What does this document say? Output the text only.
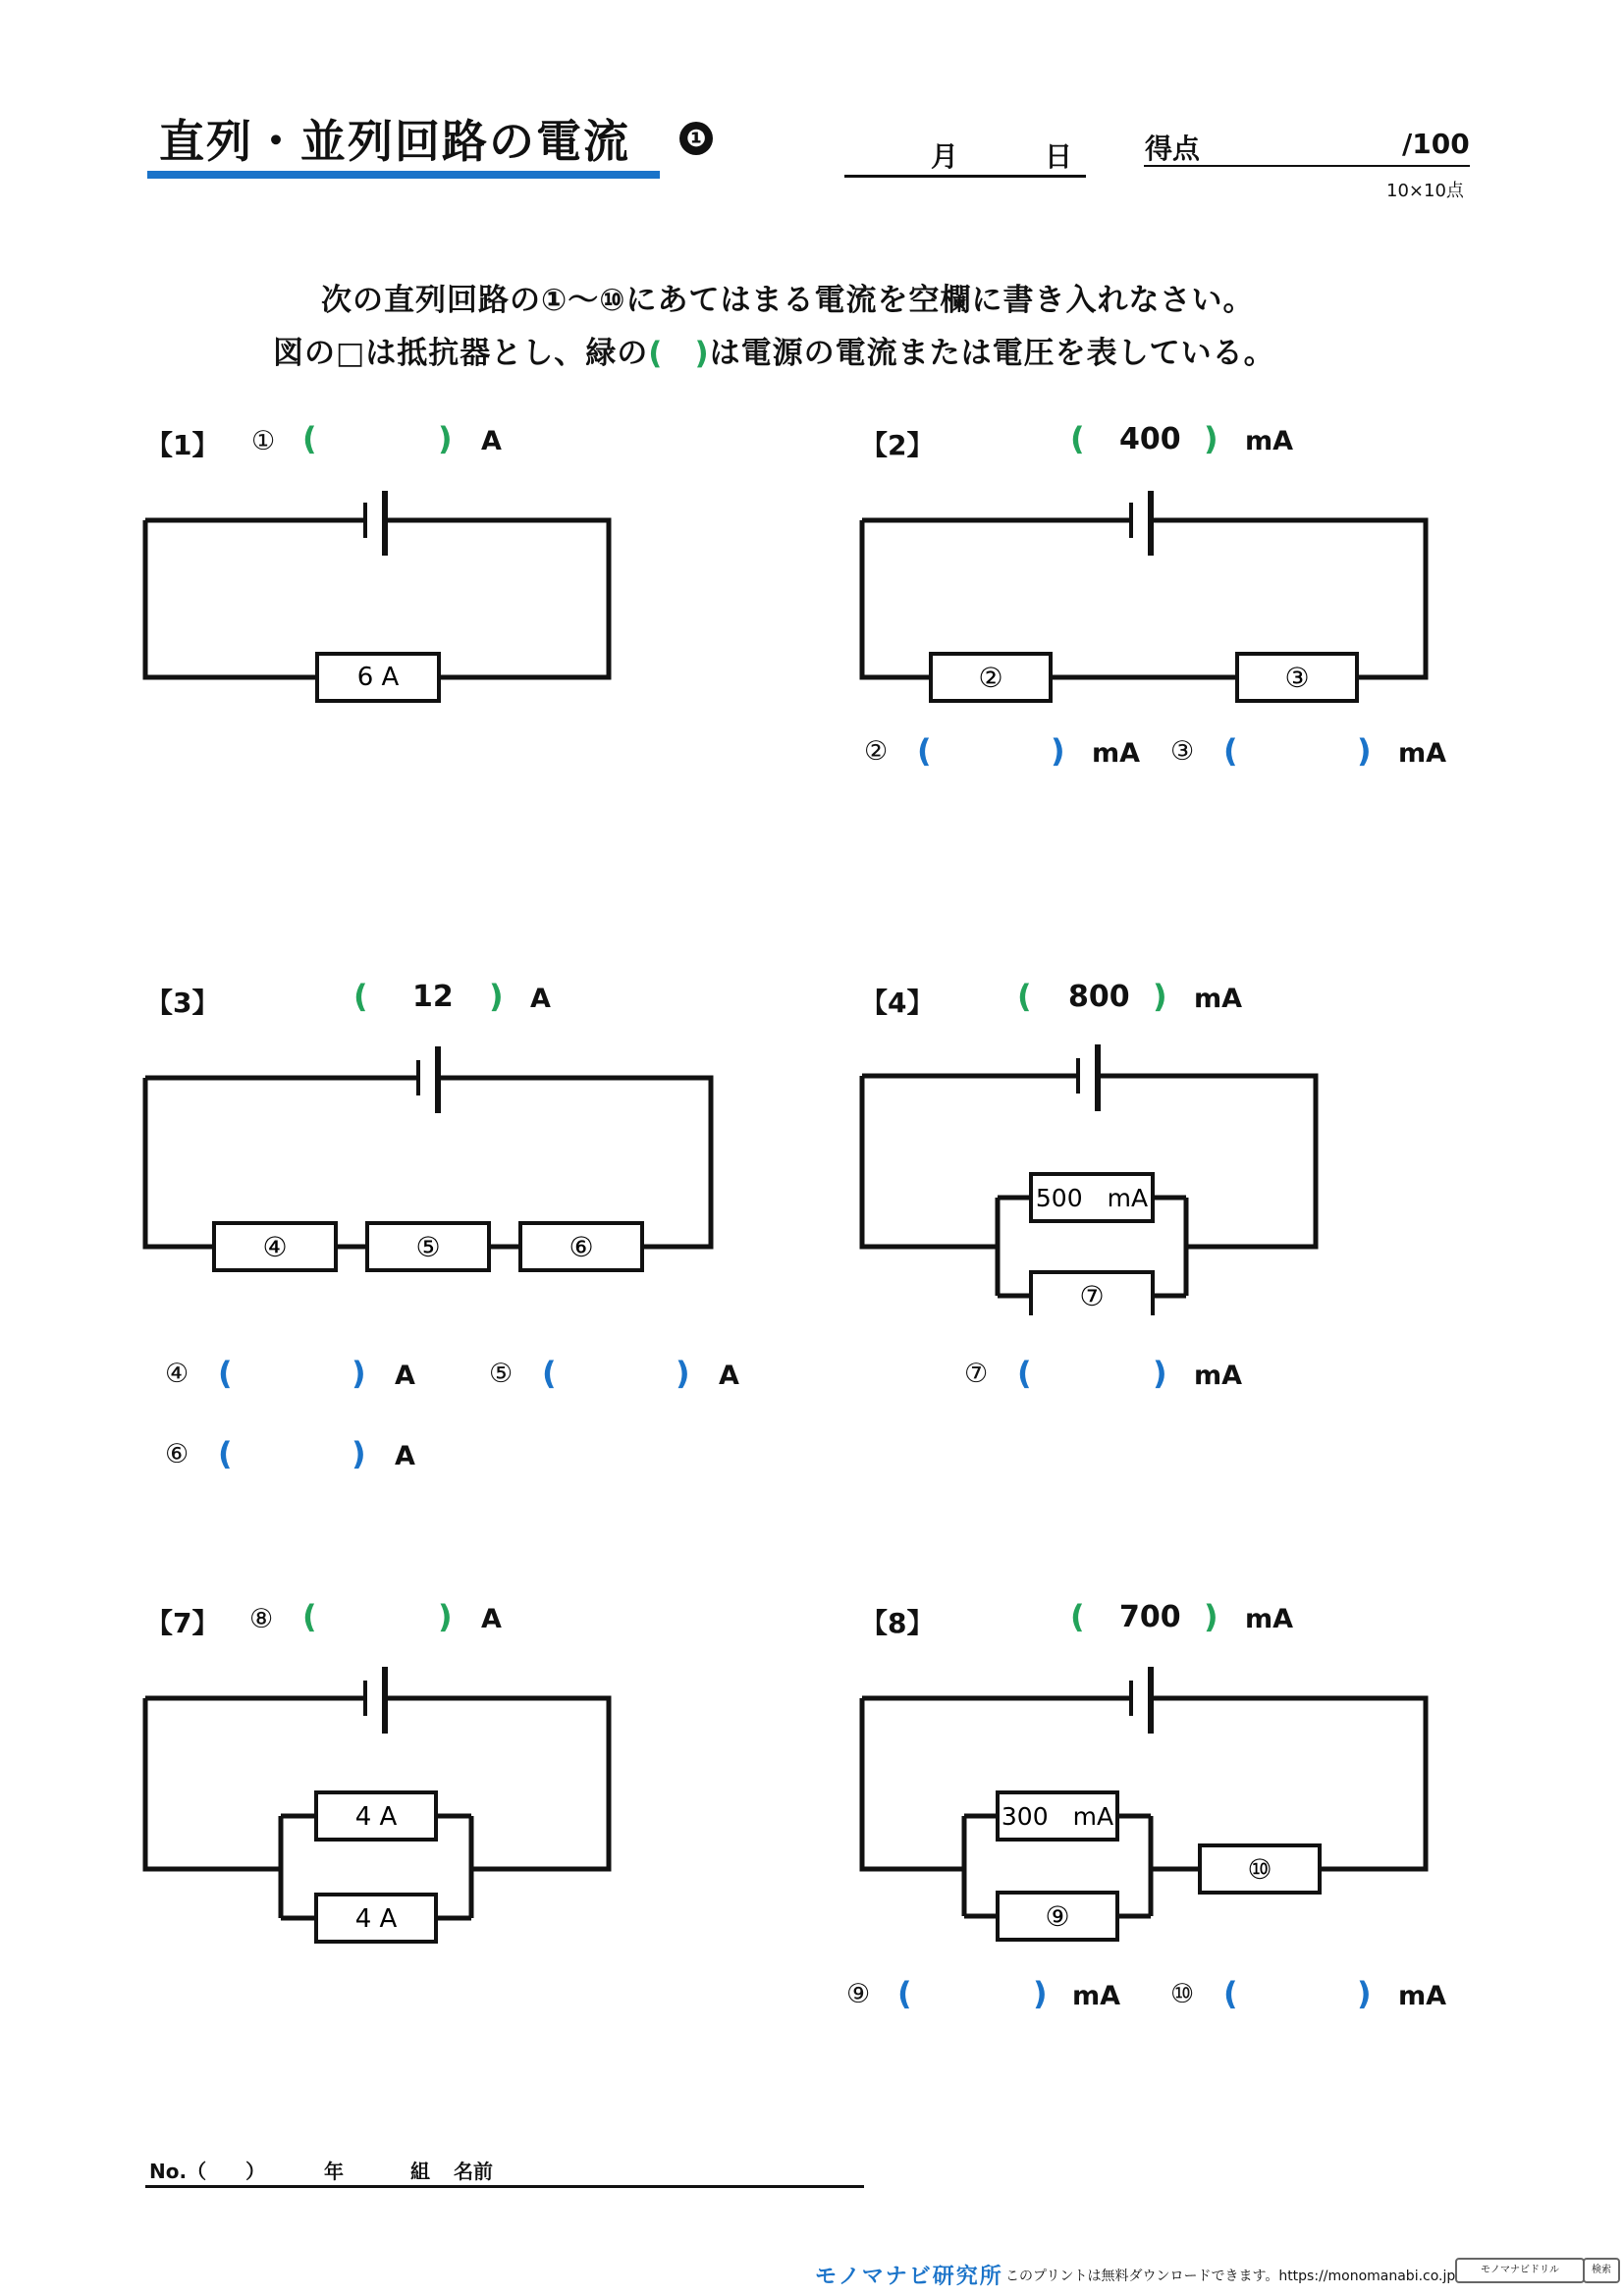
直列・並列回路の電流 ❶
月	日	得点	/100
10×10点
次の直列回路の①〜⑩にあてはまる電流を空欄に書き入れなさい。
図の□は抵抗器とし、緑の(　)は電源の電流または電圧を表している。
【1】 ① (	) A
6 A
【2】	( 400 ) mA
②	③
② (	) mA ③ (	) mA
【3】	( 12 ) A
④	⑤	⑥
④ (	) A	⑤ (	) A
⑥ (	) A
【4】	( 800 ) mA
500　mA
⑦
⑦ (	) mA
【7】 ⑧ (	) A
4 A
4 A
【8】	( 700 ) mA
300　mA
⑨
⑩
⑨ (	) mA ⑩ (	) mA
No.（　　）	年	組 名前
モノマナビ研究所 このプリントは無料ダウンロードできます。https://monomanabi.co.jp	モノマナビドリル	検索
